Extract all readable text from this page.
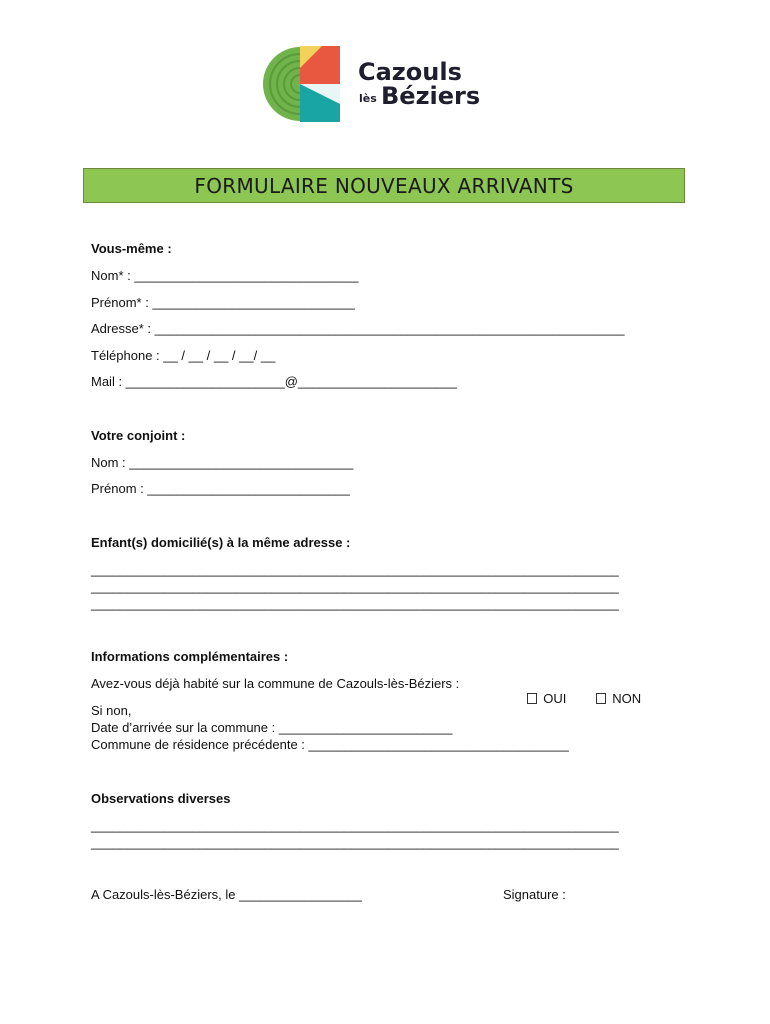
Cazouls
lès Béziers
FORMULAIRE NOUVEAUX ARRIVANTS
Vous-même :
Nom* : _______________________________
Prénom* : ____________________________
Adresse* : _________________________________________________________________
Téléphone : __ / __ / __ / __/ __
Mail : ______________________@______________________
Votre conjoint :
Nom : _______________________________
Prénom : ____________________________
Enfant(s) domicilié(s) à la même adresse :
_________________________________________________________________________
_________________________________________________________________________
_________________________________________________________________________
Informations complémentaires :
Avez-vous déjà habité sur la commune de Cazouls-lès-Béziers :

OUI	NON

Si non,
Date d’arrivée sur la commune : ________________________
Commune de résidence précédente : ____________________________________
Observations diverses
_________________________________________________________________________
_________________________________________________________________________
A Cazouls-lès-Béziers, le _________________	Signature :
